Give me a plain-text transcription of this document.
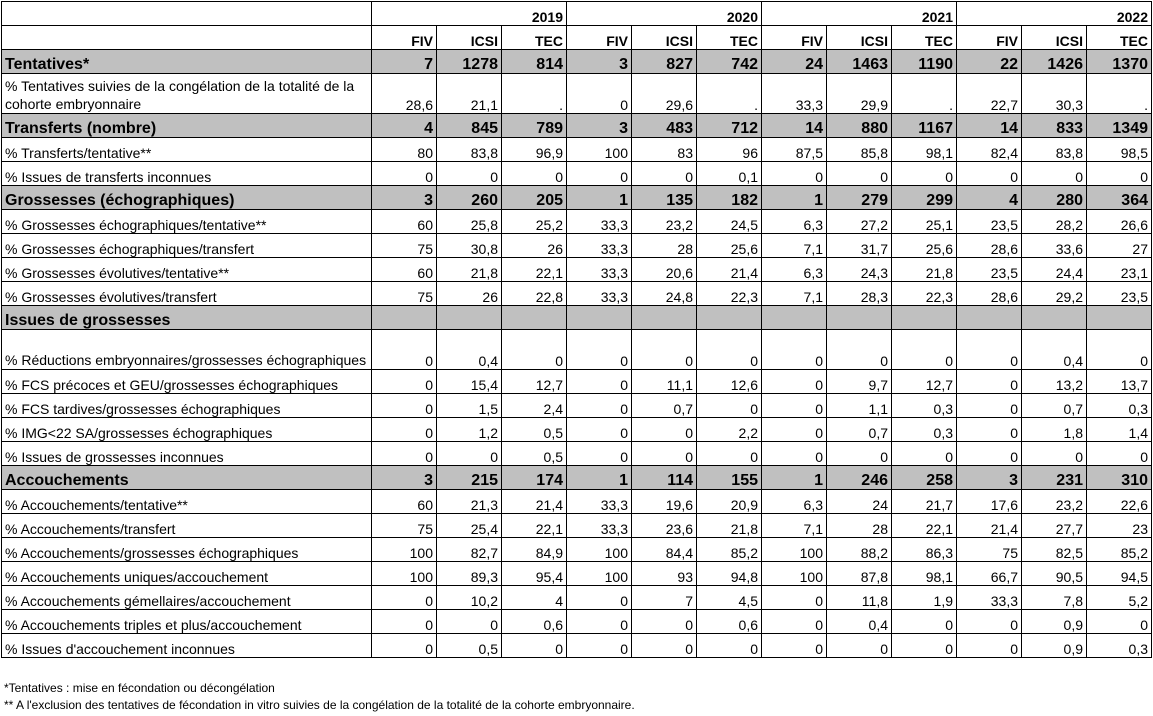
	2019			2020			2021			2022		
	FIV	ICSI	TEC	FIV	ICSI	TEC	FIV	ICSI	TEC	FIV	ICSI	TEC
Tentatives*	7	1278	814	3	827	742	24	1463	1190	22	1426	1370
% Tentatives suivies de la congélation de la totalité de la cohorte embryonnaire	28,6	21,1	.	0	29,6	.	33,3	29,9	.	22,7	30,3	.
Transferts (nombre)	4	845	789	3	483	712	14	880	1167	14	833	1349
% Transferts/tentative**	80	83,8	96,9	100	83	96	87,5	85,8	98,1	82,4	83,8	98,5
% Issues de transferts inconnues	0	0	0	0	0	0,1	0	0	0	0	0	0
Grossesses (échographiques)	3	260	205	1	135	182	1	279	299	4	280	364
% Grossesses échographiques/tentative**	60	25,8	25,2	33,3	23,2	24,5	6,3	27,2	25,1	23,5	28,2	26,6
% Grossesses échographiques/transfert	75	30,8	26	33,3	28	25,6	7,1	31,7	25,6	28,6	33,6	27
% Grossesses évolutives/tentative**	60	21,8	22,1	33,3	20,6	21,4	6,3	24,3	21,8	23,5	24,4	23,1
% Grossesses évolutives/transfert	75	26	22,8	33,3	24,8	22,3	7,1	28,3	22,3	28,6	29,2	23,5
Issues de grossesses												
% Réductions embryonnaires/grossesses échographiques	0	0,4	0	0	0	0	0	0	0	0	0,4	0
% FCS précoces et GEU/grossesses échographiques	0	15,4	12,7	0	11,1	12,6	0	9,7	12,7	0	13,2	13,7
% FCS tardives/grossesses échographiques	0	1,5	2,4	0	0,7	0	0	1,1	0,3	0	0,7	0,3
% IMG<22 SA/grossesses échographiques	0	1,2	0,5	0	0	2,2	0	0,7	0,3	0	1,8	1,4
% Issues de grossesses inconnues	0	0	0,5	0	0	0	0	0	0	0	0	0
Accouchements	3	215	174	1	114	155	1	246	258	3	231	310
% Accouchements/tentative**	60	21,3	21,4	33,3	19,6	20,9	6,3	24	21,7	17,6	23,2	22,6
% Accouchements/transfert	75	25,4	22,1	33,3	23,6	21,8	7,1	28	22,1	21,4	27,7	23
% Accouchements/grossesses échographiques	100	82,7	84,9	100	84,4	85,2	100	88,2	86,3	75	82,5	85,2
% Accouchements uniques/accouchement	100	89,3	95,4	100	93	94,8	100	87,8	98,1	66,7	90,5	94,5
% Accouchements gémellaires/accouchement	0	10,2	4	0	7	4,5	0	11,8	1,9	33,3	7,8	5,2
% Accouchements triples et plus/accouchement	0	0	0,6	0	0	0,6	0	0,4	0	0	0,9	0
% Issues d'accouchement inconnues	0	0,5	0	0	0	0	0	0	0	0	0,9	0,3
*Tentatives : mise en fécondation ou décongélation
** A l'exclusion des tentatives de fécondation in vitro suivies de la congélation de la totalité de la cohorte embryonnaire.
